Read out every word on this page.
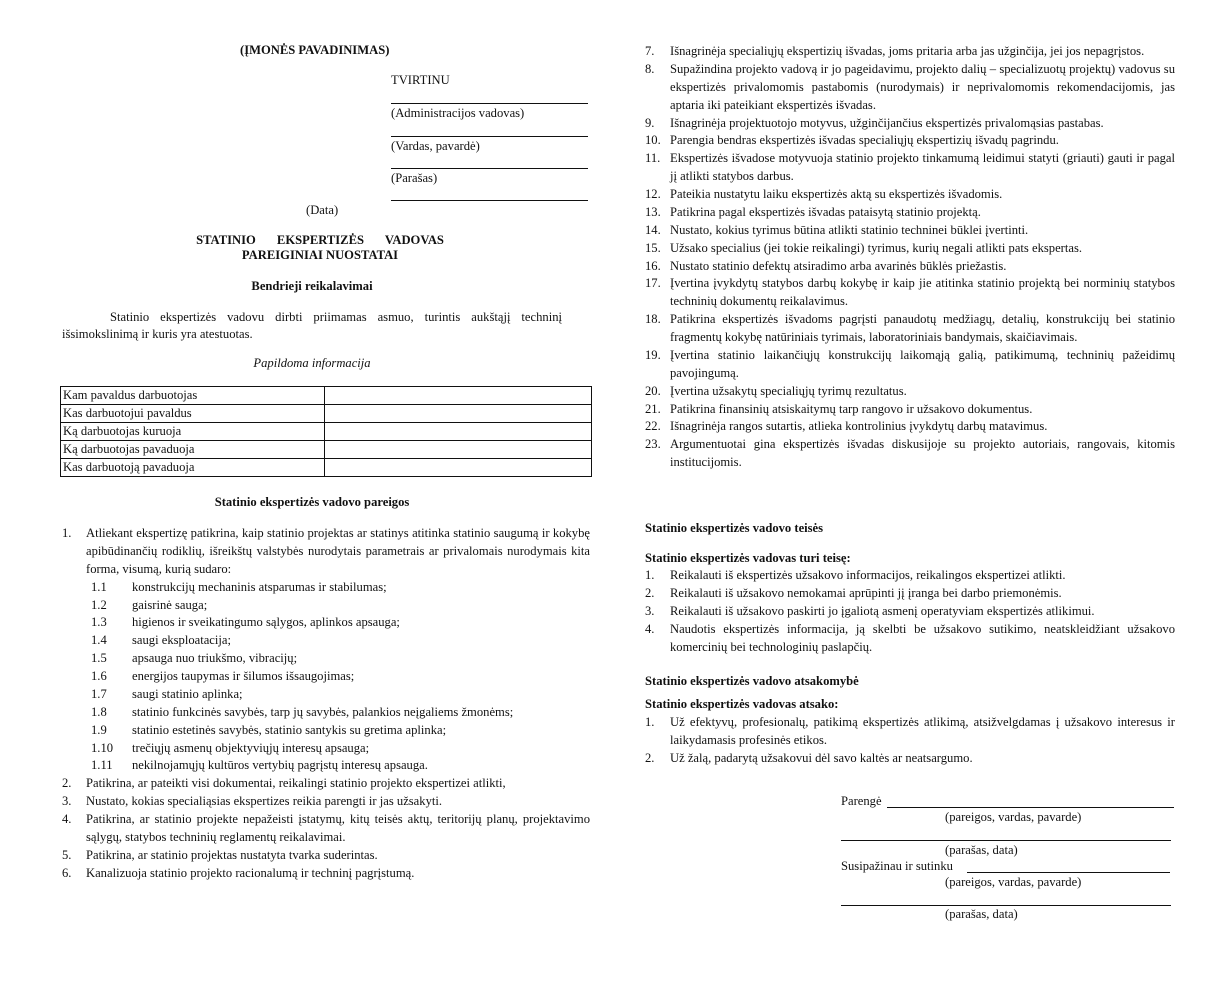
(ĮMONĖS PAVADINIMAS)
TVIRTINU
(Administracijos vadovas)
(Vardas, pavardė)
(Parašas)
(Data)
STATINIO EKSPERTIZĖS VADOVAS
PAREIGINIAI NUOSTATAI
Bendrieji reikalavimai
Statinio ekspertizės vadovu dirbti priimamas asmuo, turintis aukštąjį techninį išsimokslinimą ir kuris yra atestuotas.
Papildoma informacija
Kam pavaldus darbuotojas	
Kas darbuotojui pavaldus	
Ką darbuotojas kuruoja	
Ką darbuotojas pavaduoja	
Kas darbuotoją pavaduoja	
Statinio ekspertizės vadovo pareigos
1. Atliekant ekspertizę patikrina, kaip statinio projektas ar statinys atitinka statinio saugumą ir kokybę apibūdinančių rodiklių, išreikštų valstybės nurodytais parametrais ar privalomais nurodymais kita forma, visumą, kurią sudaro:
1.1 konstrukcijų mechaninis atsparumas ir stabilumas;
1.2 gaisrinė sauga;
1.3 higienos ir sveikatingumo sąlygos, aplinkos apsauga;
1.4 saugi eksploatacija;
1.5 apsauga nuo triukšmo, vibracijų;
1.6 energijos taupymas ir šilumos išsaugojimas;
1.7 saugi statinio aplinka;
1.8 statinio funkcinės savybės, tarp jų savybės, palankios neįgaliems žmonėms;
1.9 statinio estetinės savybės, statinio santykis su gretima aplinka;
1.10 trečiųjų asmenų objektyviųjų interesų apsauga;
1.11 nekilnojamųjų kultūros vertybių pagrįstų interesų apsauga.
2. Patikrina, ar pateikti visi dokumentai, reikalingi statinio projekto ekspertizei atlikti,
3. Nustato, kokias specialiąsias ekspertizes reikia parengti ir jas užsakyti.
4. Patikrina, ar statinio projekte nepažeisti įstatymų, kitų teisės aktų, teritorijų planų, projektavimo sąlygų, statybos techninių reglamentų reikalavimai.
5. Patikrina, ar statinio projektas nustatyta tvarka suderintas.
6. Kanalizuoja statinio projekto racionalumą ir techninį pagrįstumą.
7. Išnagrinėja specialiųjų ekspertizių išvadas, joms pritaria arba jas užginčija, jei jos nepagrįstos.
8. Supažindina projekto vadovą ir jo pageidavimu, projekto dalių – specializuotų projektų) vadovus su ekspertizės privalomomis pastabomis (nurodymais) ir neprivalomomis rekomendacijomis, jas aptaria iki pateikiant ekspertizės išvadas.
9. Išnagrinėja projektuotojo motyvus, užginčijančius ekspertizės privalomąsias pastabas.
10. Parengia bendras ekspertizės išvadas specialiųjų ekspertizių išvadų pagrindu.
11. Ekspertizės išvadose motyvuoja statinio projekto tinkamumą leidimui statyti (griauti) gauti ir pagal jį atlikti statybos darbus.
12. Pateikia nustatytu laiku ekspertizės aktą su ekspertizės išvadomis.
13. Patikrina pagal ekspertizės išvadas pataisytą statinio projektą.
14. Nustato, kokius tyrimus būtina atlikti statinio techninei būklei įvertinti.
15. Užsako specialius (jei tokie reikalingi) tyrimus, kurių negali atlikti pats ekspertas.
16. Nustato statinio defektų atsiradimo arba avarinės būklės priežastis.
17. Įvertina įvykdytų statybos darbų kokybę ir kaip jie atitinka statinio projektą bei norminių statybos techninių dokumentų reikalavimus.
18. Patikrina ekspertizės išvadoms pagrįsti panaudotų medžiagų, detalių, konstrukcijų bei statinio fragmentų kokybę natūriniais tyrimais, laboratoriniais bandymais, skaičiavimais.
19. Įvertina statinio laikančiųjų konstrukcijų laikomąją galią, patikimumą, techninių pažeidimų pavojingumą.
20. Įvertina užsakytų specialiųjų tyrimų rezultatus.
21. Patikrina finansinių atsiskaitymų tarp rangovo ir užsakovo dokumentus.
22. Išnagrinėja rangos sutartis, atlieka kontrolinius įvykdytų darbų matavimus.
23. Argumentuotai gina ekspertizės išvadas diskusijoje su projekto autoriais, rangovais, kitomis institucijomis.
Statinio ekspertizės vadovo teisės
Statinio ekspertizės vadovas turi teisę:
1. Reikalauti iš ekspertizės užsakovo informacijos, reikalingos ekspertizei atlikti.
2. Reikalauti iš užsakovo nemokamai aprūpinti jį įranga bei darbo priemonėmis.
3. Reikalauti iš užsakovo paskirti jo įgaliotą asmenį operatyviam ekspertizės atlikimui.
4. Naudotis ekspertizės informacija, ją skelbti be užsakovo sutikimo, neatskleidžiant užsakovo komercinių bei technologinių paslapčių.
Statinio ekspertizės vadovo atsakomybė
Statinio ekspertizės vadovas atsako:
1. Už efektyvų, profesionalų, patikimą ekspertizės atlikimą, atsižvelgdamas į užsakovo interesus ir laikydamasis profesinės etikos.
2. Už žalą, padarytą užsakovui dėl savo kaltės ar neatsargumo.
Parengė
(pareigos, vardas, pavarde)
(parašas, data)
Susipažinau ir sutinku
(pareigos, vardas, pavarde)
(parašas, data)
